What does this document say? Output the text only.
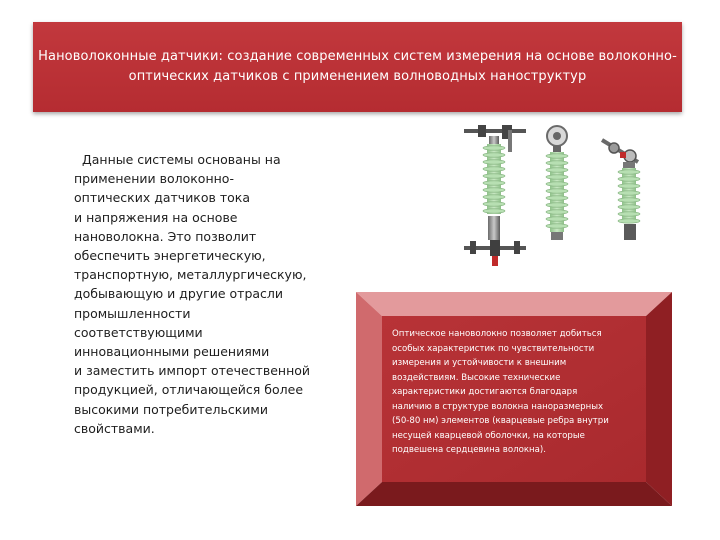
Нановолоконные датчики: создание современных систем измерения на основе волоконно-
оптических датчиков с применением волноводных наноструктур
Данные системы основаны на
применении волоконно-
оптических датчиков тока
и напряжения на основе
нановолокна. Это позволит
обеспечить энергетическую,
транспортную, металлургическую,
добывающую и другие отрасли
промышленности
соответствующими
инновационными решениями
и заместить импорт отечественной
продукцией, отличающейся более
высокими потребительскими
свойствами.
Оптическое нановолокно позволяет добиться
особых характеристик по чувствительности
измерения и устойчивости к внешним
воздействиям. Высокие технические
характеристики достигаются благодаря
наличию в структуре волокна наноразмерных
(50-80 нм) элементов (кварцевые ребра внутри
несущей кварцевой оболочки, на которые
подвешена сердцевина волокна).
